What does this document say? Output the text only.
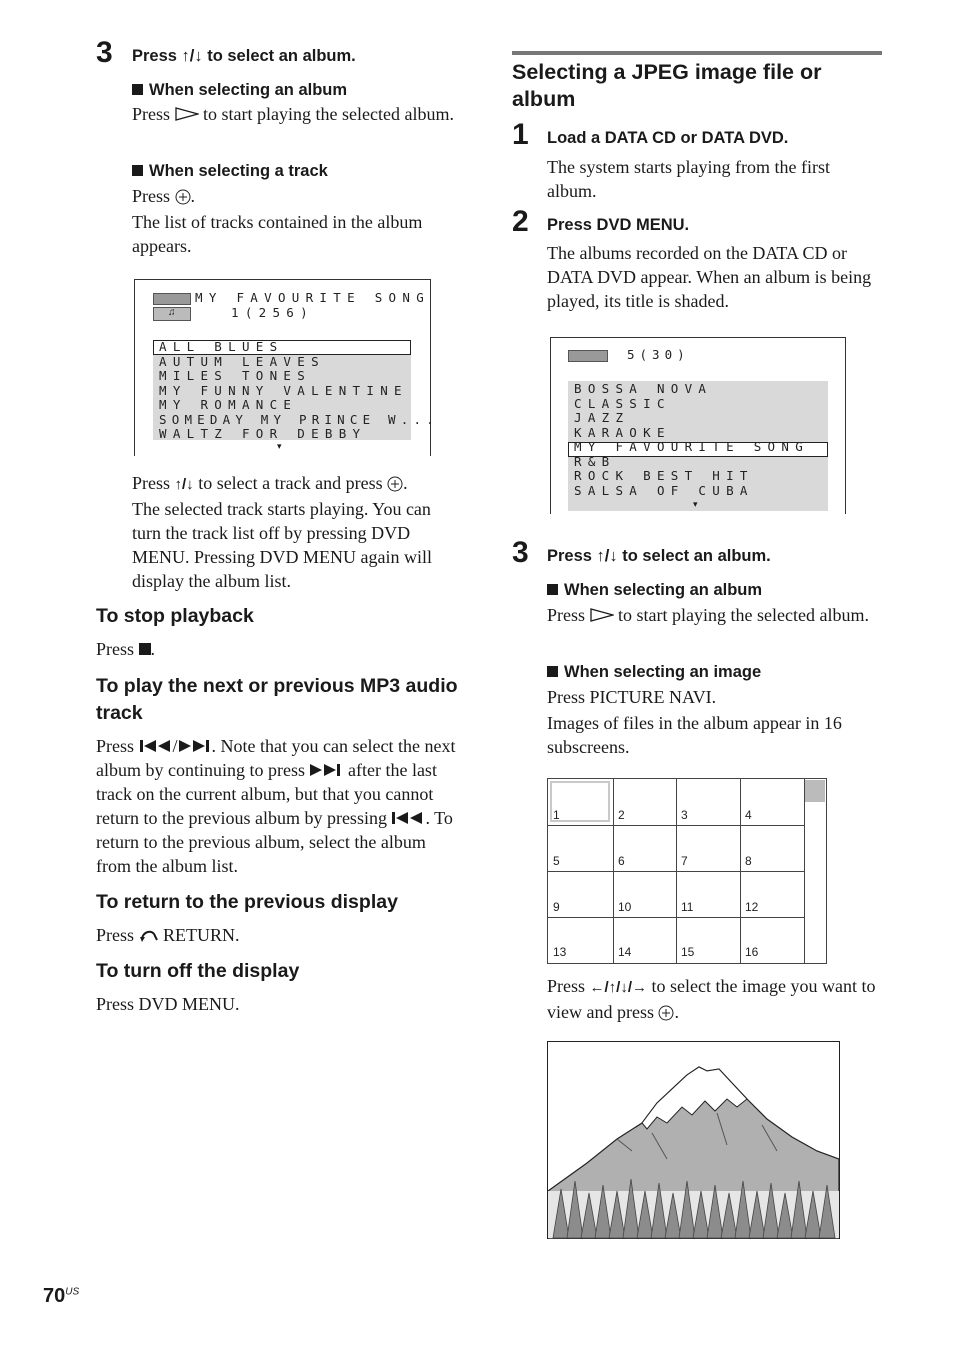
3 Press ↑/↓ to select an album.
When selecting an album
Press  to start playing the selected album.
When selecting a track
Press .
The list of tracks contained in the album appears.
♫
MY FAVOURITE SONG
1(256)
ALL BLUES
AUTUM LEAVES
MILES TONES
MY FUNNY VALENTINE
MY ROMANCE
SOMEDAY MY PRINCE W...
WALTZ FOR DEBBY
▾
Press ↑/↓ to select a track and press .
The selected track starts playing. You can turn the track list off by pressing DVD MENU. Pressing DVD MENU again will display the album list.
To stop playback
Press .
To play the next or previous MP3 audio track
Press / . Note that you can select the next album by continuing to press  after the last track on the current album, but that you cannot return to the previous album by pressing . To return to the previous album, select the album from the album list.
To return to the previous display
Press  RETURN.
To turn off the display
Press DVD MENU.
Selecting a JPEG image file or album
1 Load a DATA CD or DATA DVD.
The system starts playing from the first album.
2 Press DVD MENU.
The albums recorded on the DATA CD or DATA DVD appear. When an album is being played, its title is shaded.
5(30)
BOSSA NOVA
CLASSIC
JAZZ
KARAOKE
MY FAVOURITE SONG
R&B
ROCK BEST HIT
SALSA OF CUBA
▾
3 Press ↑/↓ to select an album.
When selecting an album
Press  to start playing the selected album.
When selecting an image
Press PICTURE NAVI.
Images of files in the album appear in 16 subscreens.
1	2	3	4
5	6	7	8
9	10	11	12
13	14	15	16
Press ←/↑/↓/→ to select the image you want to view and press .
$70^{US}$
